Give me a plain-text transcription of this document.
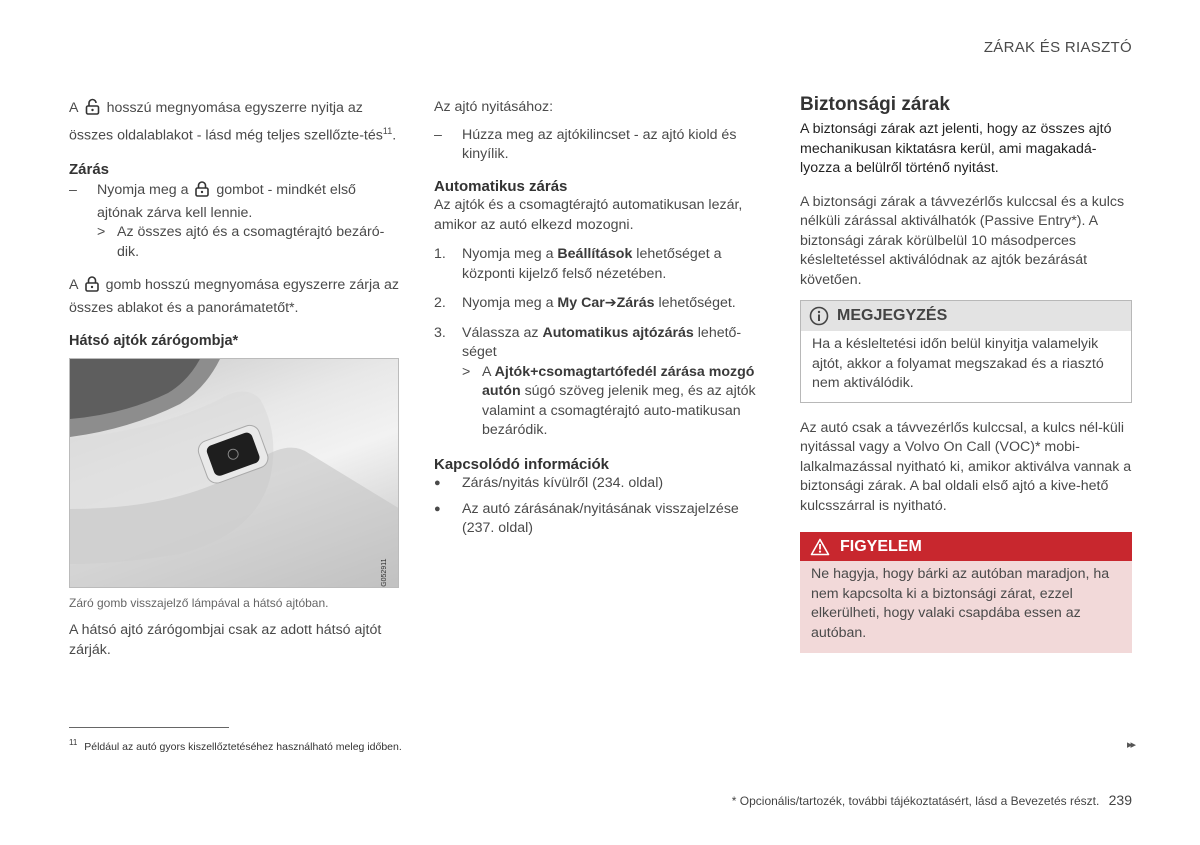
ZÁRAK ÉS RIASZTÓ

A hosszú megnyomása egyszerre nyitja az összes oldalablakot - lásd még teljes szellőzte-tés$^{11}$.

Zárás

–	Nyomja meg a gombot - mindkét első ajtónak zárva kell lennie.
> Az összes ajtó és a csomagtérajtó bezáró-dik.

A gomb hosszú megnyomása egyszerre zárja az összes ablakot és a panorámatetőt*.

Hátsó ajtók zárógombja*

G052911

Záró gomb visszajelző lámpával a hátsó ajtóban.

A hátsó ajtó zárógombjai csak az adott hátsó ajtót zárják.

Az ajtó nyitásához:

–	Húzza meg az ajtókilincset - az ajtó kiold és kinyílik.

Automatikus zárás

Az ajtók és a csomagtérajtó automatikusan lezár, amikor az autó elkezd mozogni.

1.	Nyomja meg a Beállítások lehetőséget a központi kijelző felső nézetében.
2.	Nyomja meg a My Car➔Zárás lehetőséget.
3.	Válassza az Automatikus ajtózárás lehető-séget
> A Ajtók+csomagtartófedél zárása mozgó autón súgó szöveg jelenik meg, és az ajtók valamint a csomagtérajtó auto-matikusan bezáródik.

Kapcsolódó információk

●	Zárás/nyitás kívülről (234. oldal)
●	Az autó zárásának/nyitásának visszajelzése (237. oldal)

Biztonsági zárak

A biztonsági zárak azt jelenti, hogy az összes ajtó mechanikusan kiktatásra kerül, ami magakadá-lyozza a belülről történő nyitást.

A biztonsági zárak a távvezérlős kulccsal és a kulcs nélküli zárással aktiválhatók (Passive Entry*). A biztonsági zárak körülbelül 10 másodperces késleltetéssel aktiválódnak az ajtók bezárását követően.

MEGJEGYZÉS
Ha a késleltetési időn belül kinyitja valamelyik ajtót, akkor a folyamat megszakad és a riasztó nem aktiválódik.

Az autó csak a távvezérlős kulccsal, a kulcs nél-küli nyitással vagy a Volvo On Call (VOC)* mobi-lalkalmazással nyitható ki, amikor aktiválva vannak a biztonsági zárak. A bal oldali első ajtó a kive-hető kulcsszárral is nyitható.

FIGYELEM
Ne hagyja, hogy bárki az autóban maradjon, ha nem kapcsolta ki a biztonsági zárat, ezzel elkerülheti, hogy valaki csapdába essen az autóban.
$^{11}$ Például az autó gyors kiszellőztetéséhez használható meleg időben.	▸▸
* Opcionális/tartozék, további tájékoztatásért, lásd a Bevezetés részt. 239
